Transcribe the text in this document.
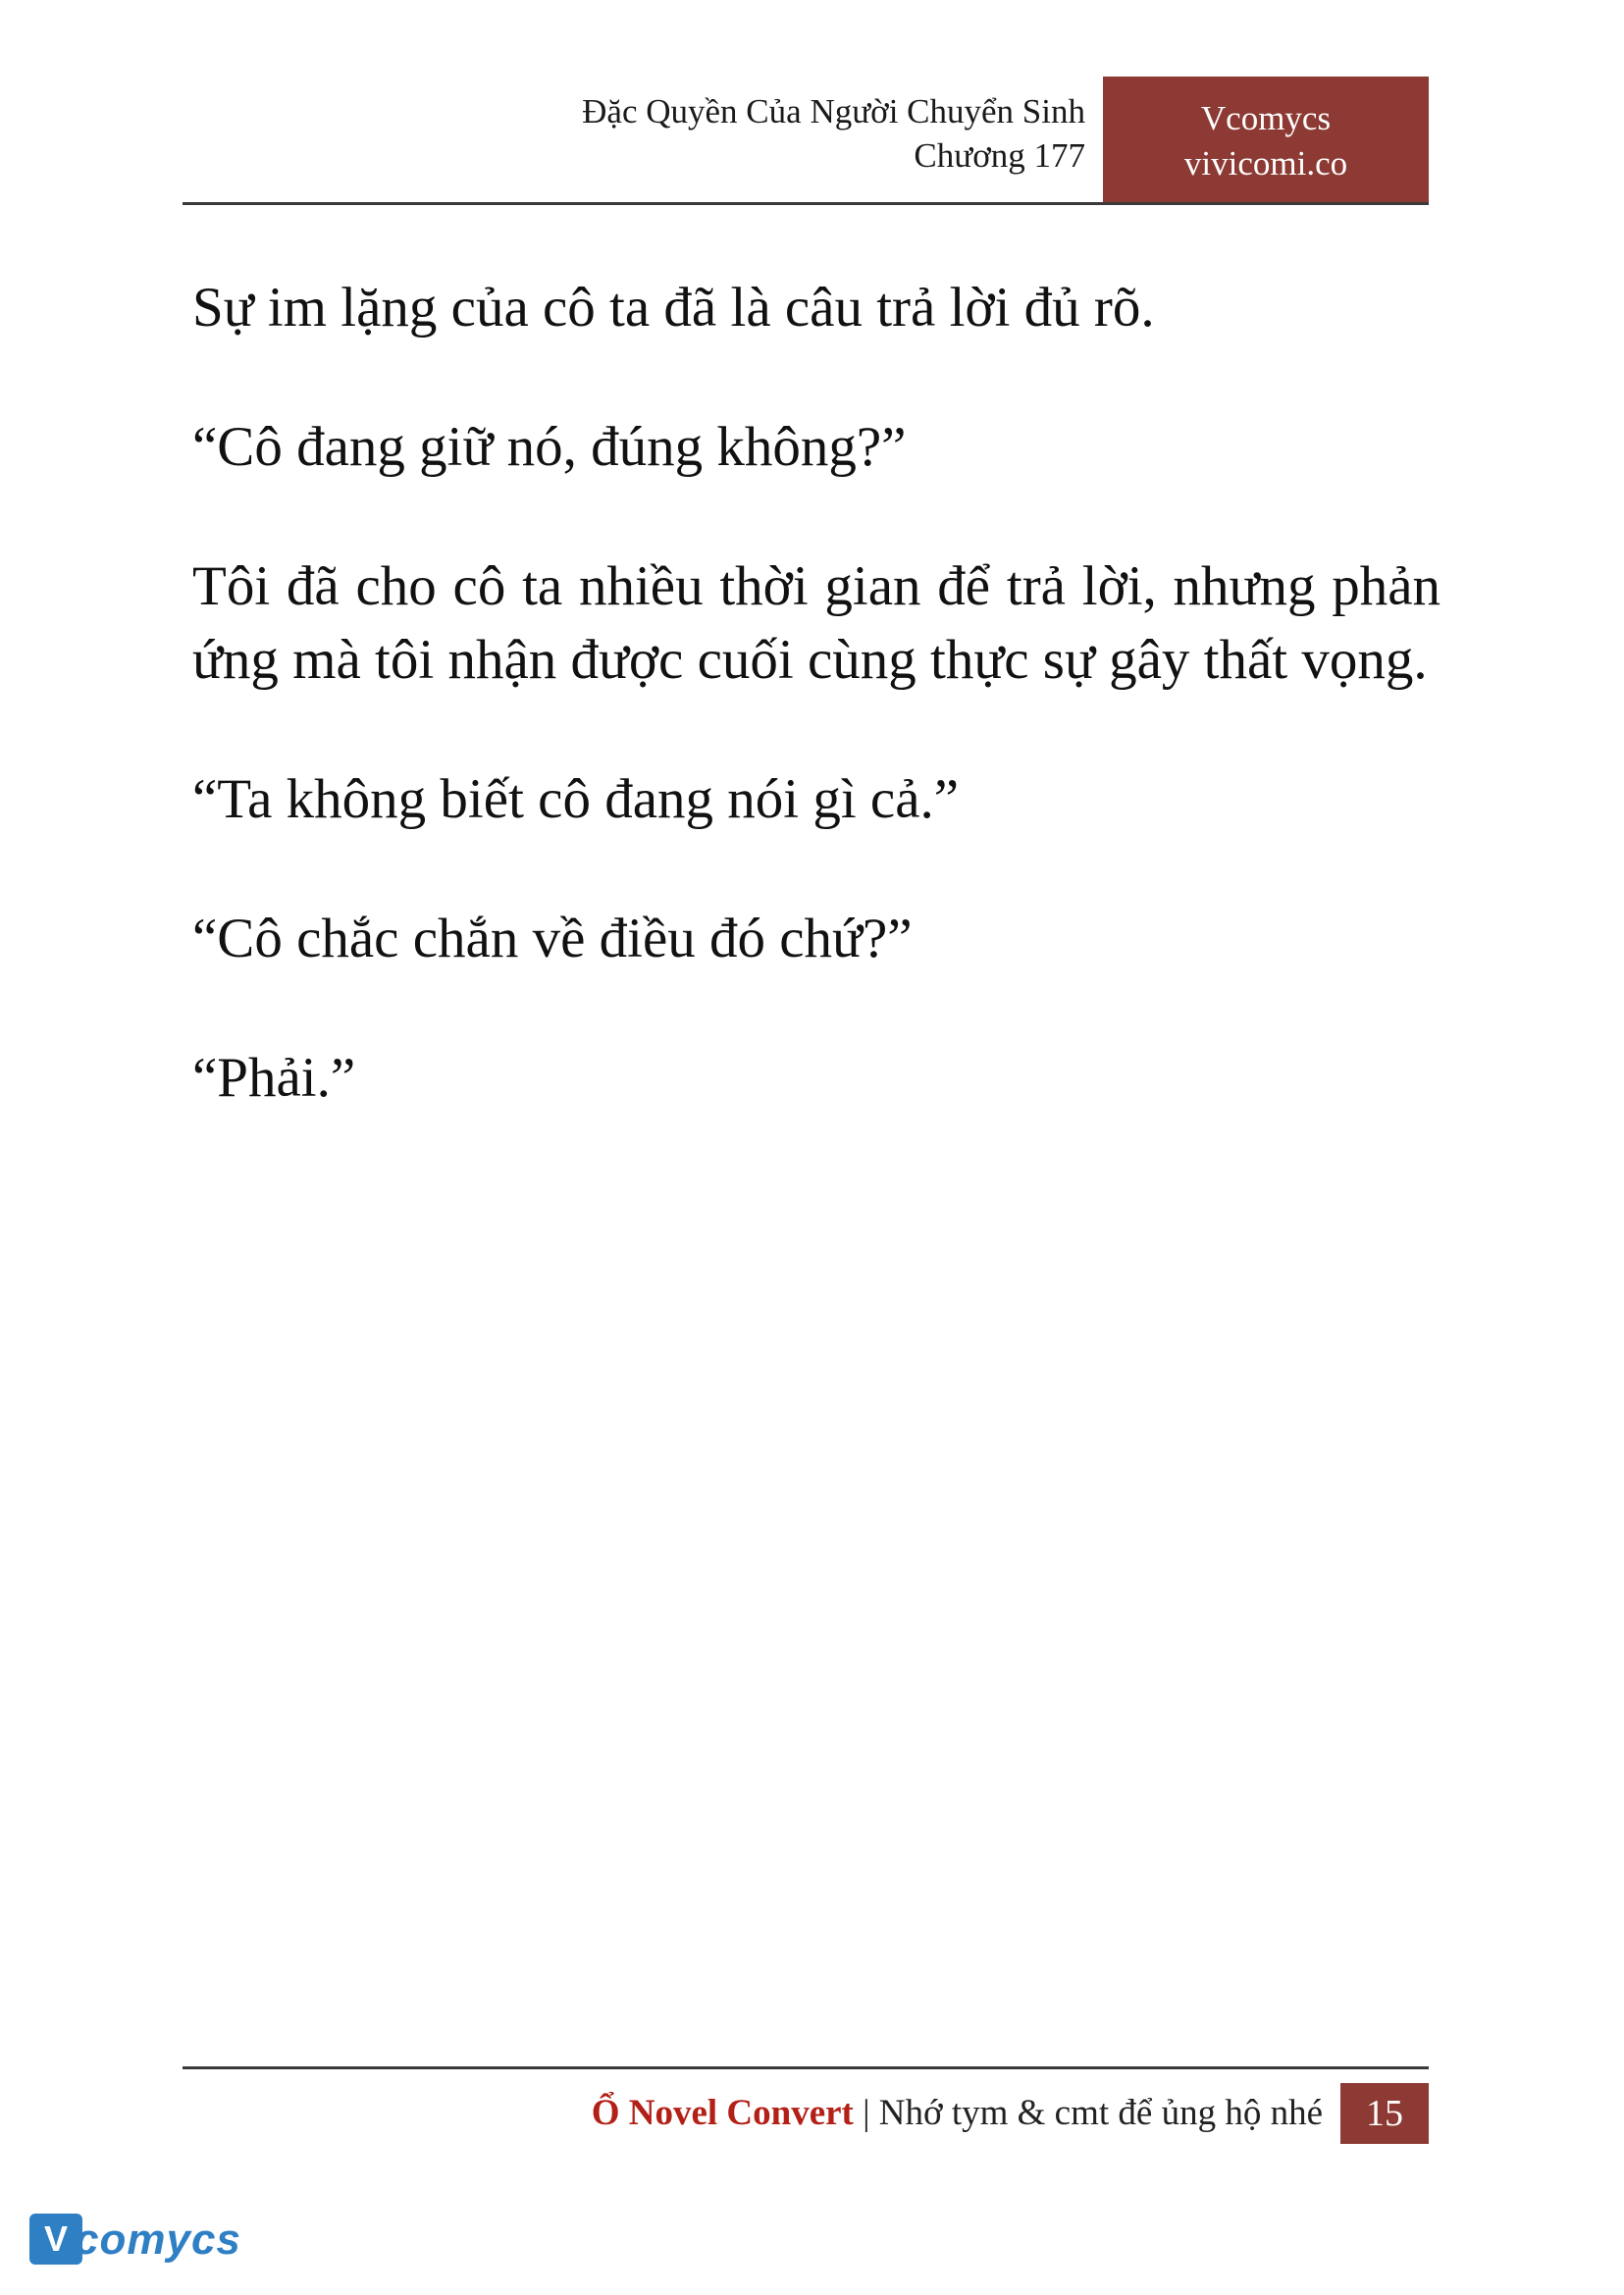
Đặc Quyền Của Người Chuyển Sinh
Chương 177
Vcomycs
vivicomi.co

Sự im lặng của cô ta đã là câu trả lời đủ rõ.

“Cô đang giữ nó, đúng không?”

Tôi đã cho cô ta nhiều thời gian để trả lời, nhưng phản ứng mà tôi nhận được cuối cùng thực sự gây thất vọng.

“Ta không biết cô đang nói gì cả.”

“Cô chắc chắn về điều đó chứ?”

“Phải.”

Ổ Novel Convert | Nhớ tym & cmt để ủng hộ nhé	15
V comycs
